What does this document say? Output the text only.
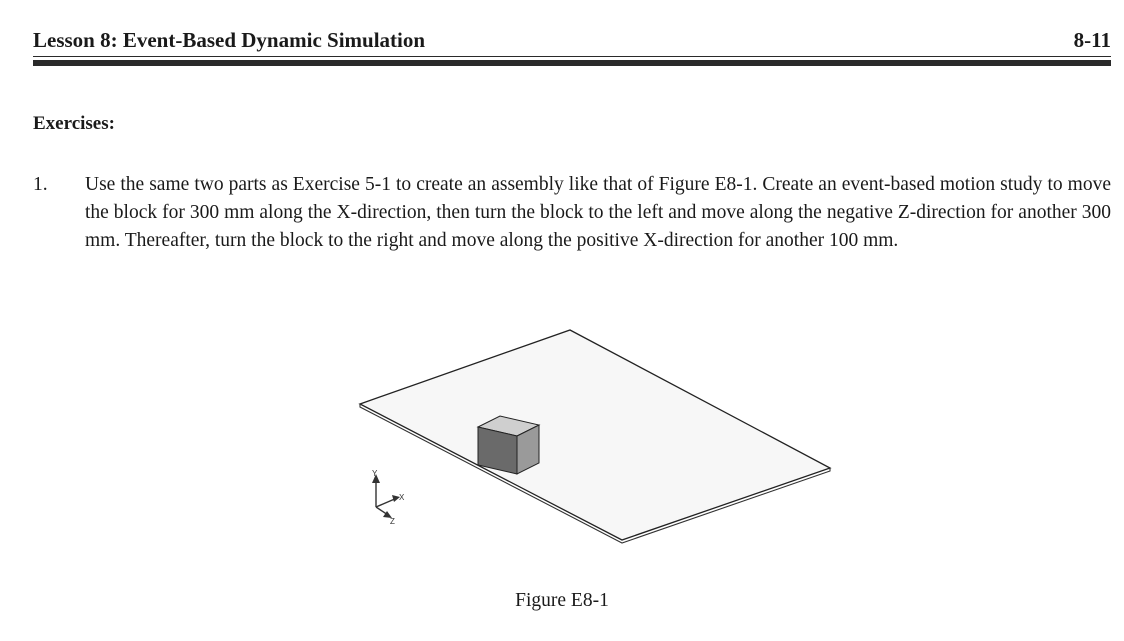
Lesson 8: Event-Based Dynamic Simulation	8-11
Exercises:
1.	Use the same two parts as Exercise 5-1 to create an assembly like that of Figure E8-1. Create an event-based motion study to move the block for 300 mm along the X-direction, then turn the block to the left and move along the negative Z-direction for another 300 mm. Thereafter, turn the block to the right and move along the positive X-direction for another 100 mm.
Y
X
Z
Figure E8-1
